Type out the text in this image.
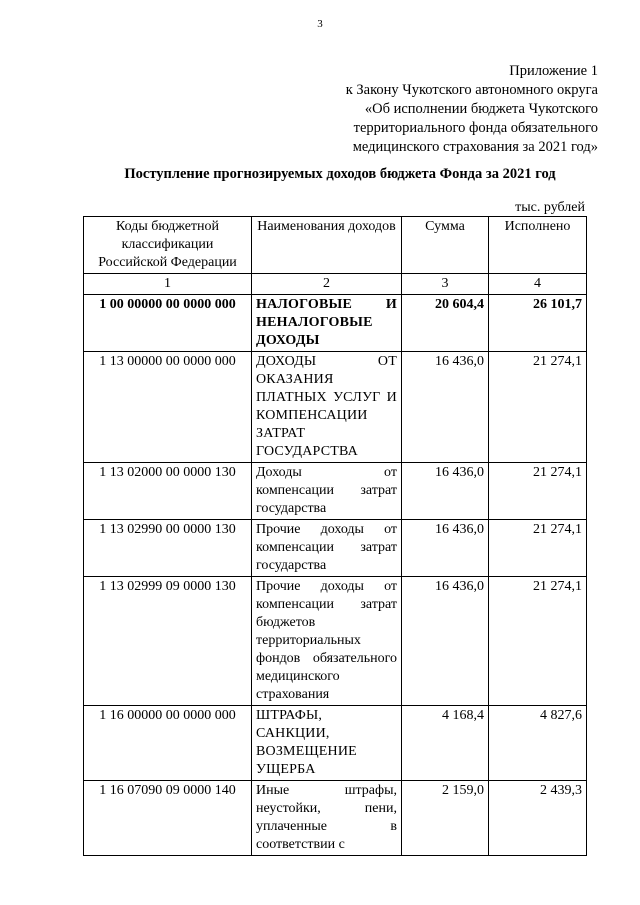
3
Приложение 1
к Закону Чукотского автономного округа
«Об исполнении бюджета Чукотского
территориального фонда обязательного
медицинского страхования за 2021 год»
Поступление прогнозируемых доходов бюджета Фонда за 2021 год
тыс. рублей
Коды бюджетной классификации Российской Федерации	Наименования доходов	Сумма	Исполнено
1	2	3	4
1 00 00000 00 0000 000	НАЛОГОВЫЕ И НЕНАЛОГОВЫЕ ДОХОДЫ	20 604,4	26 101,7
1 13 00000 00 0000 000	ДОХОДЫ ОТ ОКАЗАНИЯ ПЛАТНЫХ УСЛУГ И КОМПЕНСАЦИИ ЗАТРАТ ГОСУДАРСТВА	16 436,0	21 274,1
1 13 02000 00 0000 130	Доходы от компенсации затрат государства	16 436,0	21 274,1
1 13 02990 00 0000 130	Прочие доходы от компенсации затрат государства	16 436,0	21 274,1
1 13 02999 09 0000 130	Прочие доходы от компенсации затрат бюджетов территориальных фондов обязательного медицинского страхования	16 436,0	21 274,1
1 16 00000 00 0000 000	ШТРАФЫ, САНКЦИИ, ВОЗМЕЩЕНИЕ УЩЕРБА	4 168,4	4 827,6
1 16 07090 09 0000 140	Иные штрафы, неустойки, пени, уплаченные в соответствии с	2 159,0	2 439,3
